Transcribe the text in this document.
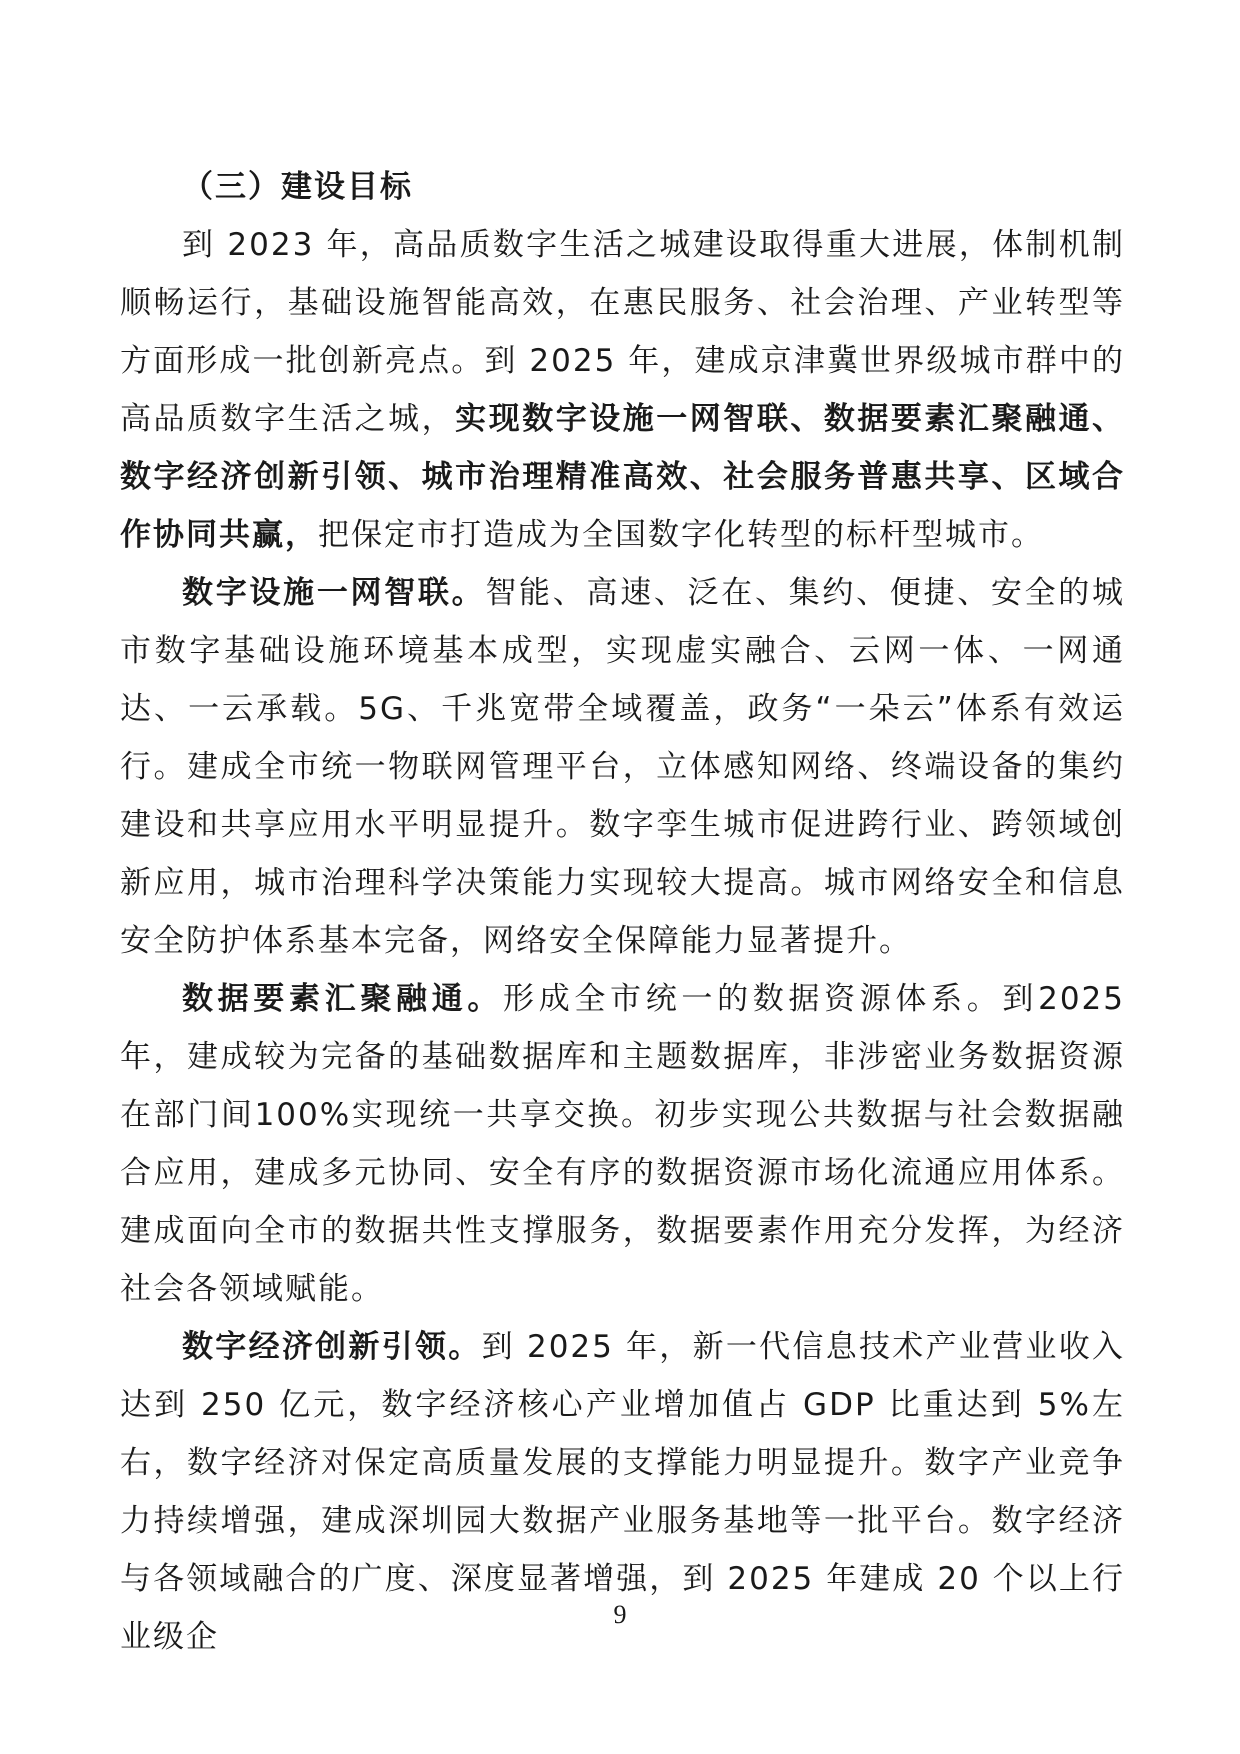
（三）建设目标

到 2023 年，高品质数字生活之城建设取得重大进展，体制机制顺畅运行，基础设施智能高效，在惠民服务、社会治理、产业转型等方面形成一批创新亮点。到 2025 年，建成京津冀世界级城市群中的高品质数字生活之城，实现数字设施一网智联、数据要素汇聚融通、数字经济创新引领、城市治理精准高效、社会服务普惠共享、区域合作协同共赢，把保定市打造成为全国数字化转型的标杆型城市。

数字设施一网智联。智能、高速、泛在、集约、便捷、安全的城市数字基础设施环境基本成型，实现虚实融合、云网一体、一网通达、一云承载。5G、千兆宽带全域覆盖，政务“一朵云”体系有效运行。建成全市统一物联网管理平台，立体感知网络、终端设备的集约建设和共享应用水平明显提升。数字孪生城市促进跨行业、跨领域创新应用，城市治理科学决策能力实现较大提高。城市网络安全和信息安全防护体系基本完备，网络安全保障能力显著提升。

数据要素汇聚融通。形成全市统一的数据资源体系。到2025年，建成较为完备的基础数据库和主题数据库，非涉密业务数据资源在部门间100%实现统一共享交换。初步实现公共数据与社会数据融合应用，建成多元协同、安全有序的数据资源市场化流通应用体系。建成面向全市的数据共性支撑服务，数据要素作用充分发挥，为经济社会各领域赋能。

数字经济创新引领。到 2025 年，新一代信息技术产业营业收入达到 250 亿元，数字经济核心产业增加值占 GDP 比重达到 5%左右，数字经济对保定高质量发展的支撑能力明显提升。数字产业竞争力持续增强，建成深圳园大数据产业服务基地等一批平台。数字经济与各领域融合的广度、深度显著增强，到 2025 年建成 20 个以上行业级企

9
